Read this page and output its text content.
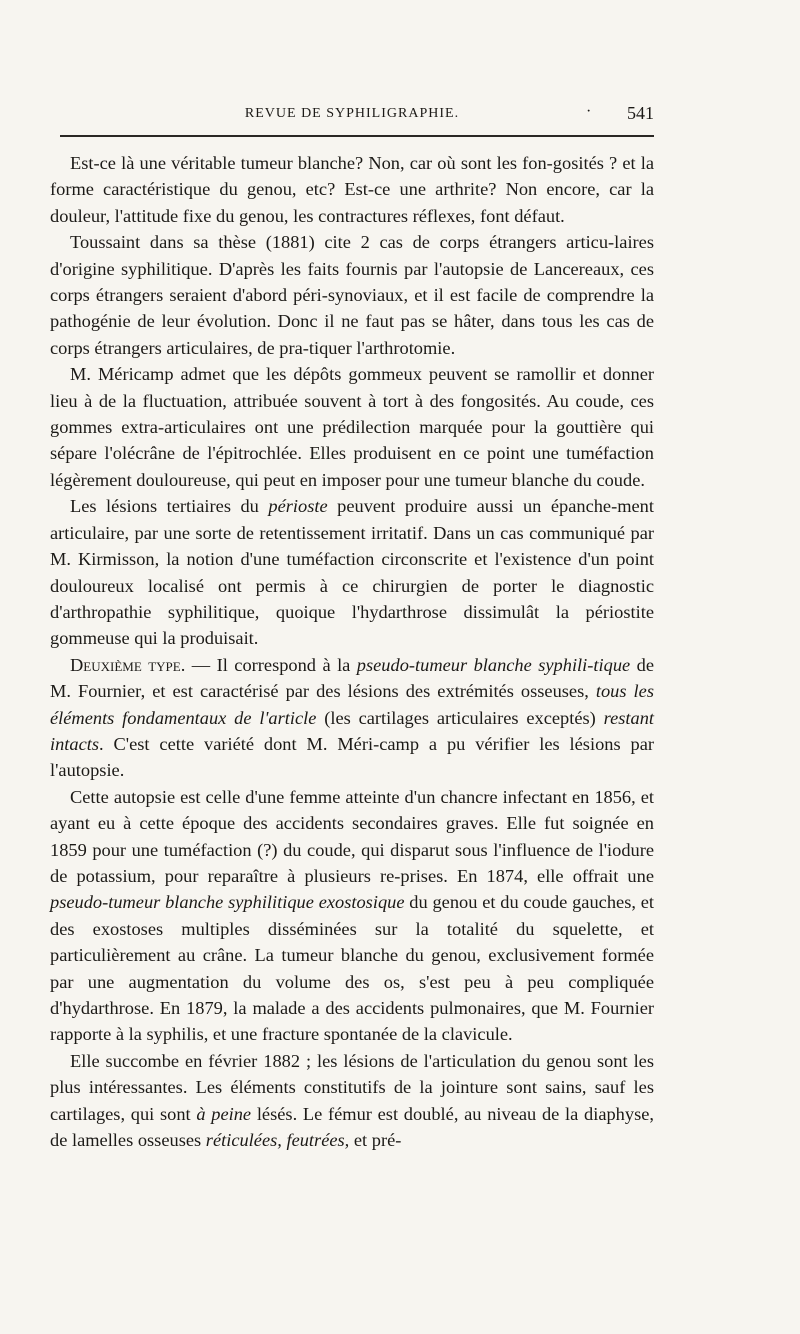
REVUE DE SYPHILIGRAPHIE.	· 541

Est-ce là une véritable tumeur blanche? Non, car où sont les fon-gosités ? et la forme caractéristique du genou, etc? Est-ce une arthrite? Non encore, car la douleur, l'attitude fixe du genou, les contractures réflexes, font défaut.

Toussaint dans sa thèse (1881) cite 2 cas de corps étrangers articu-laires d'origine syphilitique. D'après les faits fournis par l'autopsie de Lancereaux, ces corps étrangers seraient d'abord péri-synoviaux, et il est facile de comprendre la pathogénie de leur évolution. Donc il ne faut pas se hâter, dans tous les cas de corps étrangers articulaires, de pra-tiquer l'arthrotomie.

M. Méricamp admet que les dépôts gommeux peuvent se ramollir et donner lieu à de la fluctuation, attribuée souvent à tort à des fongosités. Au coude, ces gommes extra-articulaires ont une prédilection marquée pour la gouttière qui sépare l'olécrâne de l'épitrochlée. Elles produisent en ce point une tuméfaction légèrement douloureuse, qui peut en imposer pour une tumeur blanche du coude.

Les lésions tertiaires du périoste peuvent produire aussi un épanche-ment articulaire, par une sorte de retentissement irritatif. Dans un cas communiqué par M. Kirmisson, la notion d'une tuméfaction circonscrite et l'existence d'un point douloureux localisé ont permis à ce chirurgien de porter le diagnostic d'arthropathie syphilitique, quoique l'hydarthrose dissimulât la périostite gommeuse qui la produisait.

Deuxième type. — Il correspond à la pseudo-tumeur blanche syphili-tique de M. Fournier, et est caractérisé par des lésions des extrémités osseuses, tous les éléments fondamentaux de l'article (les cartilages articulaires exceptés) restant intacts. C'est cette variété dont M. Méri-camp a pu vérifier les lésions par l'autopsie.

Cette autopsie est celle d'une femme atteinte d'un chancre infectant en 1856, et ayant eu à cette époque des accidents secondaires graves. Elle fut soignée en 1859 pour une tuméfaction (?) du coude, qui disparut sous l'influence de l'iodure de potassium, pour reparaître à plusieurs re-prises. En 1874, elle offrait une pseudo-tumeur blanche syphilitique exostosique du genou et du coude gauches, et des exostoses multiples disséminées sur la totalité du squelette, et particulièrement au crâne. La tumeur blanche du genou, exclusivement formée par une augmentation du volume des os, s'est peu à peu compliquée d'hydarthrose. En 1879, la malade a des accidents pulmonaires, que M. Fournier rapporte à la syphilis, et une fracture spontanée de la clavicule.

Elle succombe en février 1882 ; les lésions de l'articulation du genou sont les plus intéressantes. Les éléments constitutifs de la jointure sont sains, sauf les cartilages, qui sont à peine lésés. Le fémur est doublé, au niveau de la diaphyse, de lamelles osseuses réticulées, feutrées, et pré-
